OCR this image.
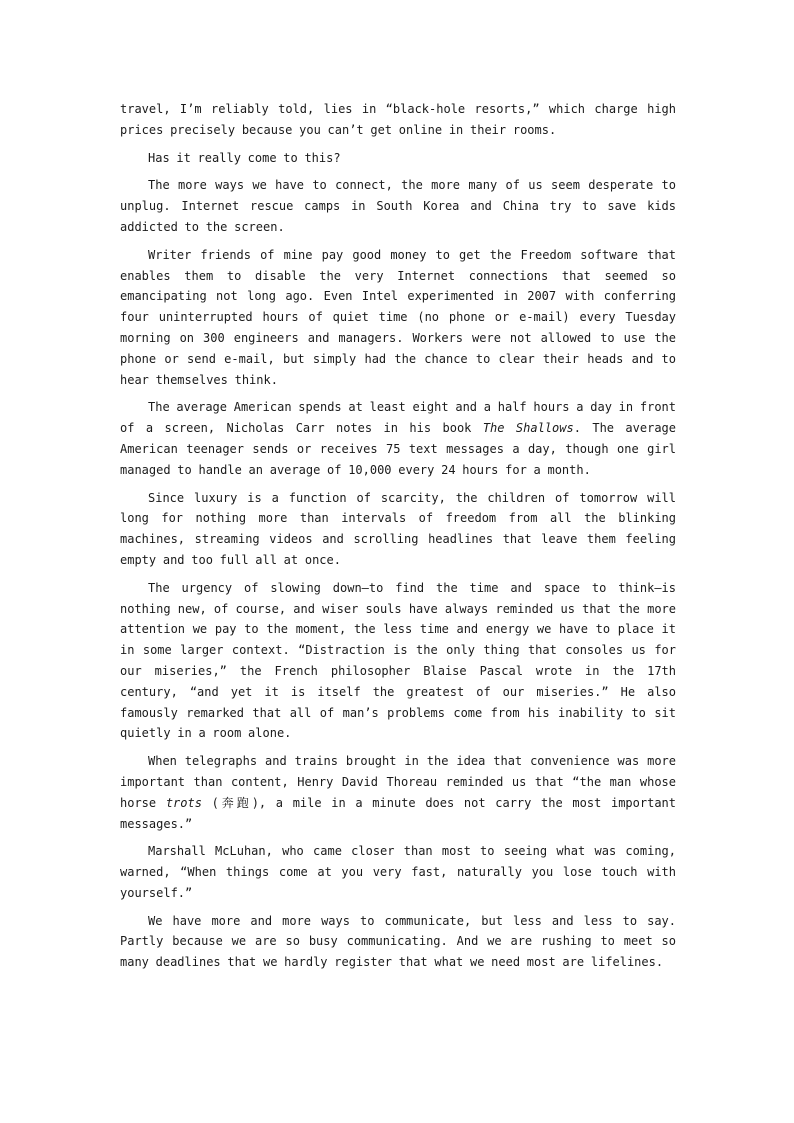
travel, I’m reliably told, lies in “black-hole resorts,” which charge high prices precisely because you can’t get online in their rooms.

Has it really come to this?

The more ways we have to connect, the more many of us seem desperate to unplug. Internet rescue camps in South Korea and China try to save kids addicted to the screen.

Writer friends of mine pay good money to get the Freedom software that enables them to disable the very Internet connections that seemed so emancipating not long ago. Even Intel experimented in 2007 with conferring four uninterrupted hours of quiet time (no phone or e-mail) every Tuesday morning on 300 engineers and managers. Workers were not allowed to use the phone or send e-mail, but simply had the chance to clear their heads and to hear themselves think.

The average American spends at least eight and a half hours a day in front of a screen, Nicholas Carr notes in his book The Shallows. The average American teenager sends or receives 75 text messages a day, though one girl managed to handle an average of 10,000 every 24 hours for a month.

Since luxury is a function of scarcity, the children of tomorrow will long for nothing more than intervals of freedom from all the blinking machines, streaming videos and scrolling headlines that leave them feeling empty and too full all at once.

The urgency of slowing down—to find the time and space to think—is nothing new, of course, and wiser souls have always reminded us that the more attention we pay to the moment, the less time and energy we have to place it in some larger context. “Distraction is the only thing that consoles us for our miseries,” the French philosopher Blaise Pascal wrote in the 17th century, “and yet it is itself the greatest of our miseries.” He also famously remarked that all of man’s problems come from his inability to sit quietly in a room alone.

When telegraphs and trains brought in the idea that convenience was more important than content, Henry David Thoreau reminded us that “the man whose horse trots (奔跑), a mile in a minute does not carry the most important messages.”

Marshall McLuhan, who came closer than most to seeing what was coming, warned, “When things come at you very fast, naturally you lose touch with yourself.”

We have more and more ways to communicate, but less and less to say. Partly because we are so busy communicating. And we are rushing to meet so many deadlines that we hardly register that what we need most are lifelines.
